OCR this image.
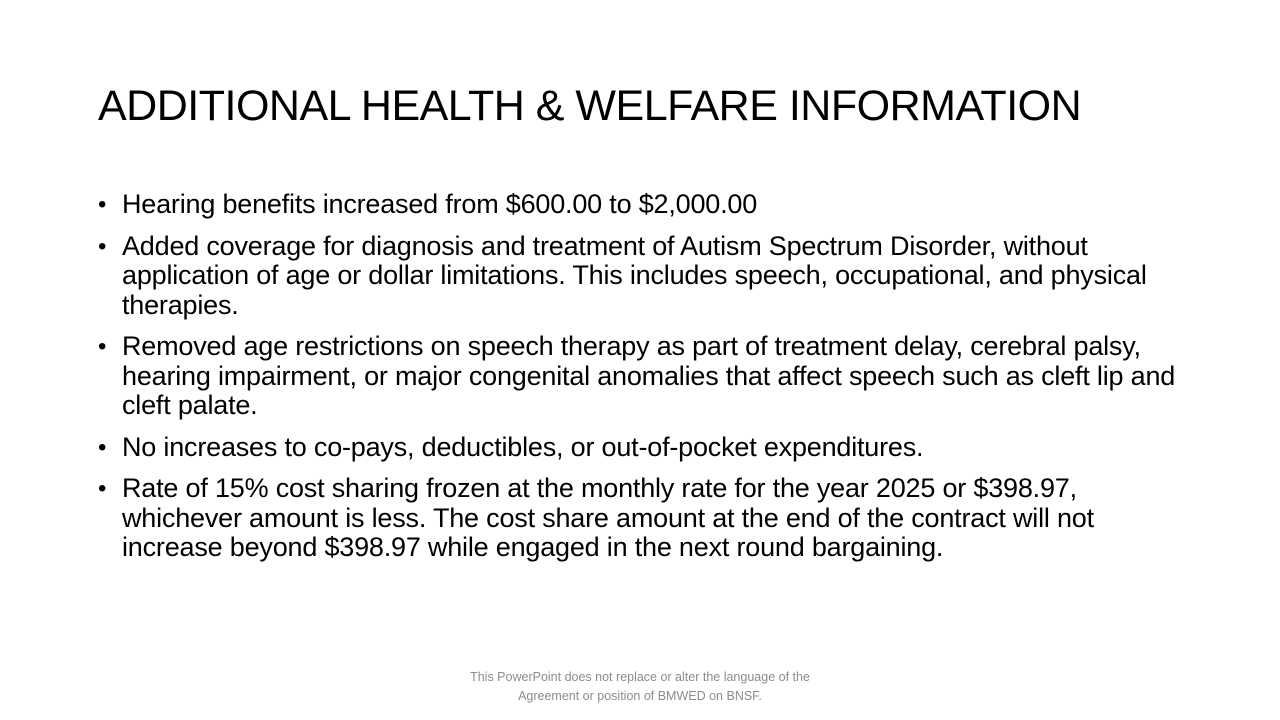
ADDITIONAL HEALTH & WELFARE INFORMATION
• Hearing benefits increased from $600.00 to $2,000.00
• Added coverage for diagnosis and treatment of Autism Spectrum Disorder, without application of age or dollar limitations. This includes speech, occupational, and physical therapies.
• Removed age restrictions on speech therapy as part of treatment delay, cerebral palsy, hearing impairment, or major congenital anomalies that affect speech such as cleft lip and cleft palate.
• No increases to co-pays, deductibles, or out-of-pocket expenditures.
• Rate of 15% cost sharing frozen at the monthly rate for the year 2025 or $398.97, whichever amount is less. The cost share amount at the end of the contract will not increase beyond $398.97 while engaged in the next round bargaining.
This PowerPoint does not replace or alter the language of the
Agreement or position of BMWED on BNSF.
